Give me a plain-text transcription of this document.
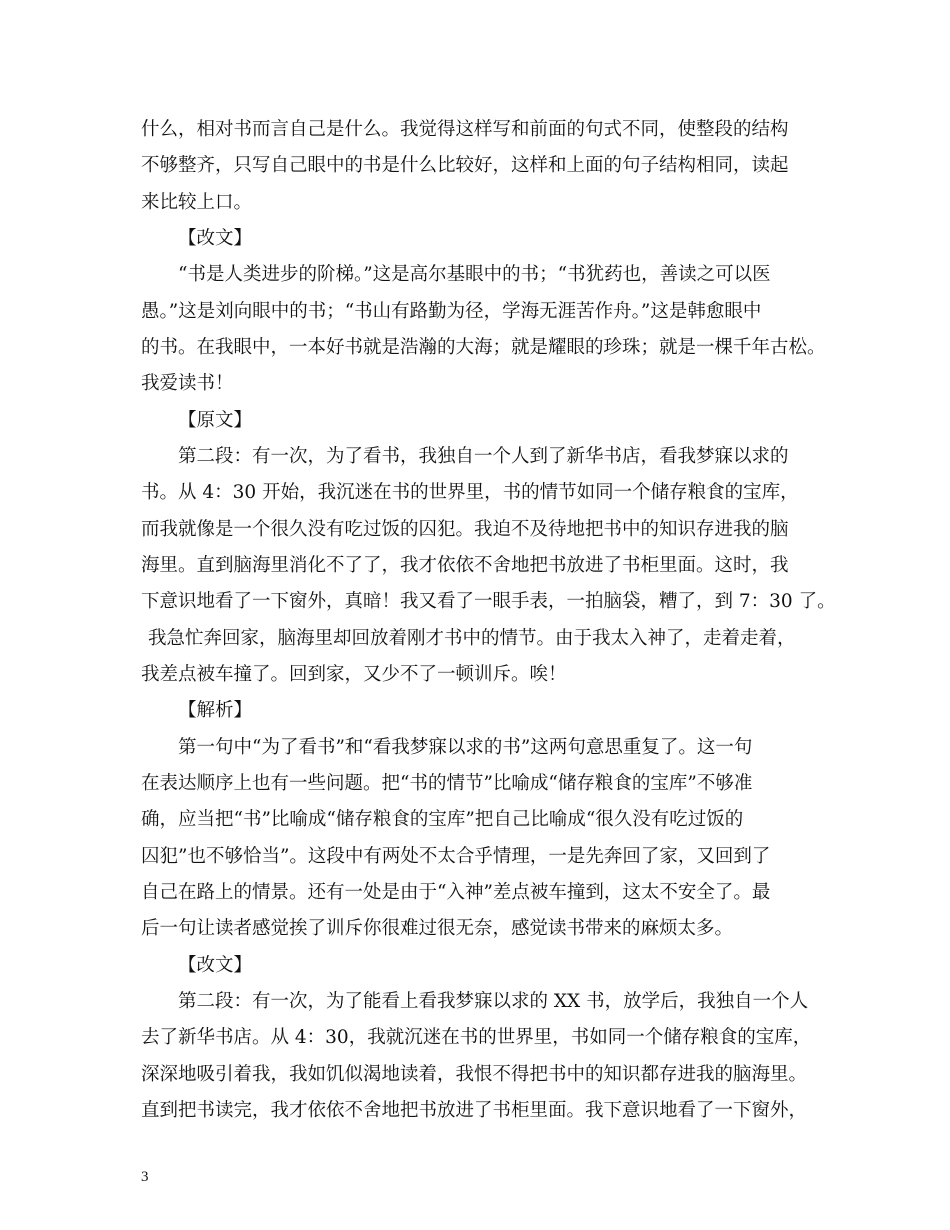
什么，相对书而言自己是什么。我觉得这样写和前面的句式不同，使整段的结构
不够整齐，只写自己眼中的书是什么比较好，这样和上面的句子结构相同，读起
来比较上口。
【改文】
“书是人类进步的阶梯。”这是高尔基眼中的书；“书犹药也，善读之可以医
愚。”这是刘向眼中的书；“书山有路勤为径，学海无涯苦作舟。”这是韩愈眼中
的书。在我眼中，一本好书就是浩瀚的大海；就是耀眼的珍珠；就是一棵千年古松。
我爱读书！
【原文】
第二段：有一次，为了看书，我独自一个人到了新华书店，看我梦寐以求的
书。从 4：30 开始，我沉迷在书的世界里，书的情节如同一个储存粮食的宝库，
而我就像是一个很久没有吃过饭的囚犯。我迫不及待地把书中的知识存进我的脑
海里。直到脑海里消化不了了，我才依依不舍地把书放进了书柜里面。这时，我
下意识地看了一下窗外，真暗！我又看了一眼手表，一拍脑袋，糟了，到 7：30 了。
我急忙奔回家，脑海里却回放着刚才书中的情节。由于我太入神了，走着走着，
我差点被车撞了。回到家，又少不了一顿训斥。唉！
【解析】
第一句中“为了看书”和“看我梦寐以求的书”这两句意思重复了。这一句
在表达顺序上也有一些问题。把“书的情节”比喻成“储存粮食的宝库”不够准
确，应当把“书”比喻成“储存粮食的宝库”把自己比喻成“很久没有吃过饭的
囚犯”也不够恰当”。这段中有两处不太合乎情理，一是先奔回了家，又回到了
自己在路上的情景。还有一处是由于“入神”差点被车撞到，这太不安全了。最
后一句让读者感觉挨了训斥你很难过很无奈，感觉读书带来的麻烦太多。
【改文】
第二段：有一次，为了能看上看我梦寐以求的 XX 书，放学后，我独自一个人
去了新华书店。从 4：30，我就沉迷在书的世界里，书如同一个储存粮食的宝库，
深深地吸引着我，我如饥似渴地读着，我恨不得把书中的知识都存进我的脑海里。
直到把书读完，我才依依不舍地把书放进了书柜里面。我下意识地看了一下窗外，
3
